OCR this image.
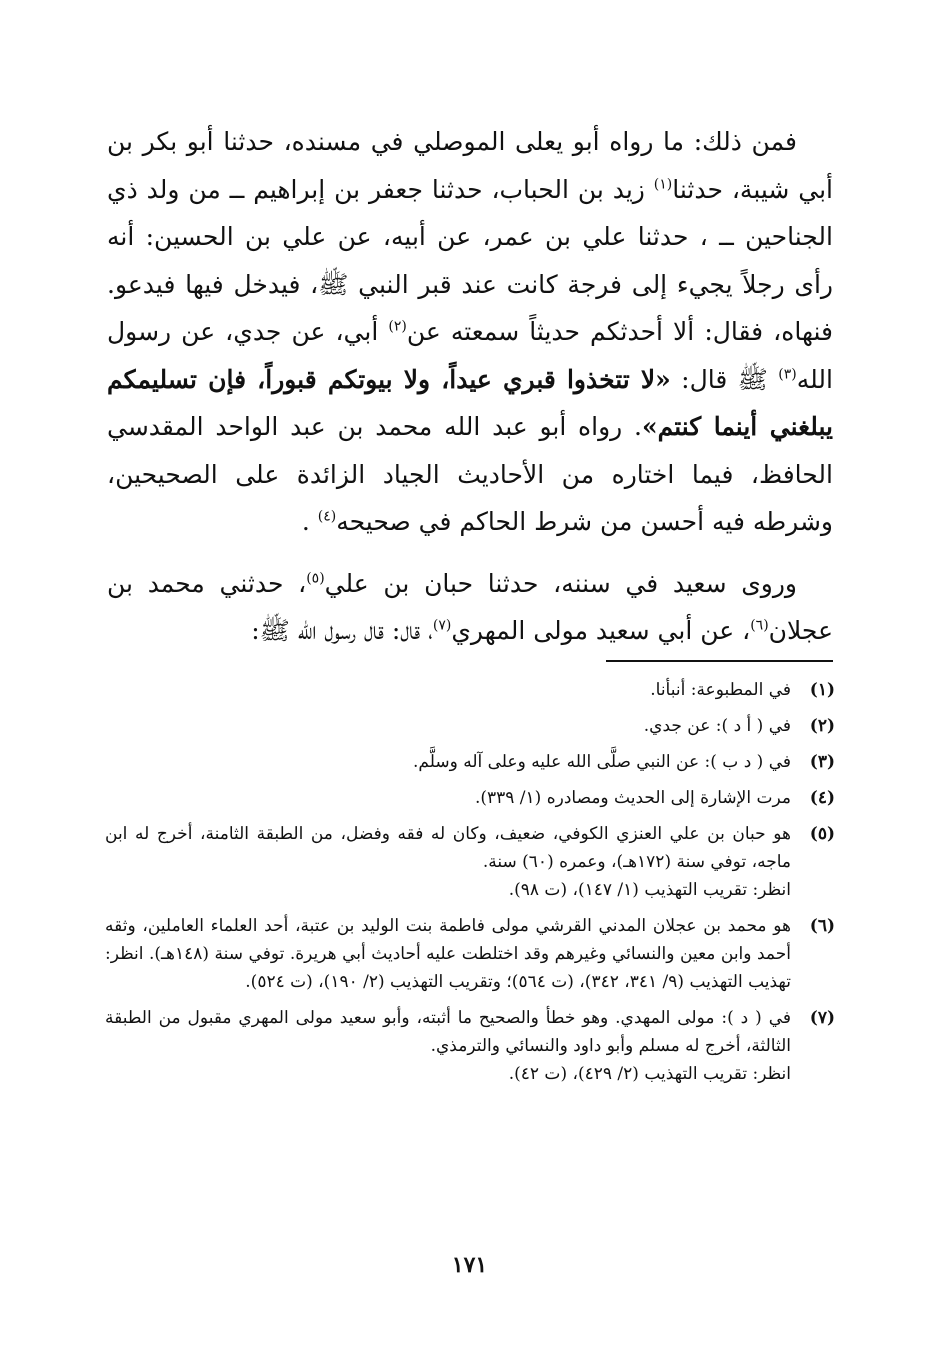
فمن ذلك: ما رواه أبو يعلى الموصلي في مسنده، حدثنا أبو بكر بن أبي شيبة، حدثنا$^{(١)}$ زيد بن الحباب، حدثنا جعفر بن إبراهيم ــ من ولد ذي الجناحين ــ ، حدثنا علي بن عمر، عن أبيه، عن علي بن الحسين: أنه رأى رجلاً يجيء إلى فرجة كانت عند قبر النبي ﷺ، فيدخل فيها فيدعو. فنهاه، فقال: ألا أحدثكم حديثاً سمعته عن$^{(٢)}$ أبي، عن جدي، عن رسول الله$^{(٣)}$ ﷺ قال: «لا تتخذوا قبري عيداً، ولا بيوتكم قبوراً، فإن تسليمكم يبلغني أينما كنتم». رواه أبو عبد الله محمد بن عبد الواحد المقدسي الحافظ، فيما اختاره من الأحاديث الجياد الزائدة على الصحيحين، وشرطه فيه أحسن من شرط الحاكم في صحيحه$^{(٤)}$ .

وروى سعيد في سننه، حدثنا حبان بن علي$^{(٥)}$، حدثني محمد بن عجلان$^{(٦)}$، عن أبي سعيد مولى المهري$^{(٧)}$، قال: قال رسول الله ﷺ:

(١)
في المطبوعة: أنبأنا.
(٢)
في ( أ د ): عن جدي.
(٣)
في ( د ب ): عن النبي صلَّى الله عليه وعلى آله وسلَّم.
(٤)
مرت الإشارة إلى الحديث ومصادره (١/ ٣٣٩).
(٥)
هو حبان بن علي العنزي الكوفي، ضعيف، وكان له فقه وفضل، من الطبقة الثامنة، أخرج له ابن ماجه، توفي سنة (١٧٢هـ)، وعمره (٦٠) سنة.
انظر: تقريب التهذيب (١/ ١٤٧)، (ت ٩٨).
(٦)
هو محمد بن عجلان المدني القرشي مولى فاطمة بنت الوليد بن عتبة، أحد العلماء العاملين، وثقه أحمد وابن معين والنسائي وغيرهم وقد اختلطت عليه أحاديث أبي هريرة. توفي سنة (١٤٨هـ). انظر: تهذيب التهذيب (٩/ ٣٤١، ٣٤٢)، (ت ٥٦٤)؛ وتقريب التهذيب (٢/ ١٩٠)، (ت ٥٢٤).
(٧)
في ( د ): مولى المهدي. وهو خطأ والصحيح ما أثبته، وأبو سعيد مولى المهري مقبول من الطبقة الثالثة، أخرج له مسلم وأبو داود والنسائي والترمذي.
انظر: تقريب التهذيب (٢/ ٤٢٩)، (ت ٤٢).
١٧١
